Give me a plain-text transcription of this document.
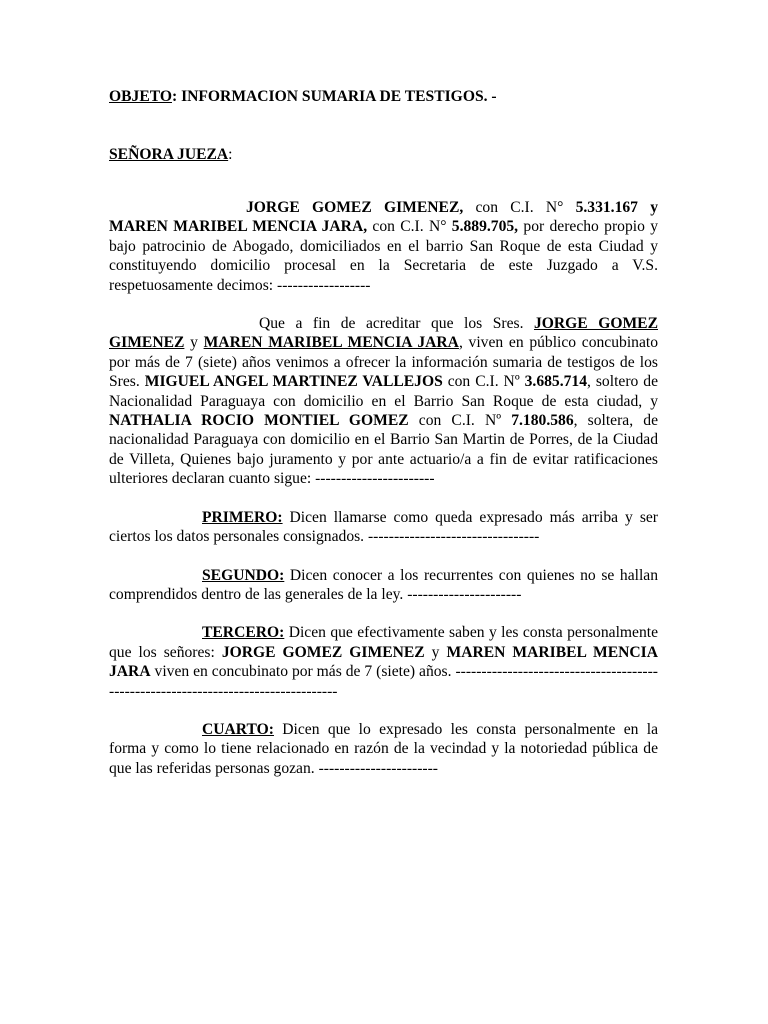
OBJETO: INFORMACION SUMARIA DE TESTIGOS. -

SEÑORA JUEZA:

JORGE GOMEZ GIMENEZ, con C.I. N° 5.331.167 y MAREN MARIBEL MENCIA JARA, con C.I. N° 5.889.705, por derecho propio y bajo patrocinio de Abogado, domiciliados en el barrio San Roque de esta Ciudad y constituyendo domicilio procesal en la Secretaria de este Juzgado a V.S. respetuosamente decimos: ------------------

Que a fin de acreditar que los Sres. JORGE GOMEZ GIMENEZ y MAREN MARIBEL MENCIA JARA, viven en público concubinato por más de 7 (siete) años venimos a ofrecer la información sumaria de testigos de los Sres. MIGUEL ANGEL MARTINEZ VALLEJOS con C.I. Nº 3.685.714, soltero de Nacionalidad Paraguaya con domicilio en el Barrio San Roque de esta ciudad, y NATHALIA ROCIO MONTIEL GOMEZ con C.I. Nº 7.180.586, soltera, de nacionalidad Paraguaya con domicilio en el Barrio San Martin de Porres, de la Ciudad de Villeta, Quienes bajo juramento y por ante actuario/a a fin de evitar ratificaciones ulteriores declaran cuanto sigue: -----------------------

PRIMERO: Dicen llamarse como queda expresado más arriba y ser ciertos los datos personales consignados. ---------------------------------

SEGUNDO: Dicen conocer a los recurrentes con quienes no se hallan comprendidos dentro de las generales de la ley. ----------------------

TERCERO: Dicen que efectivamente saben y les consta personalmente que los señores: JORGE GOMEZ GIMENEZ y MAREN MARIBEL MENCIA JARA viven en concubinato por más de 7 (siete) años. -----------------------------------------------------------------------------------

CUARTO: Dicen que lo expresado les consta personalmente en la forma y como lo tiene relacionado en razón de la vecindad y la notoriedad pública de que las referidas personas gozan. -----------------------
